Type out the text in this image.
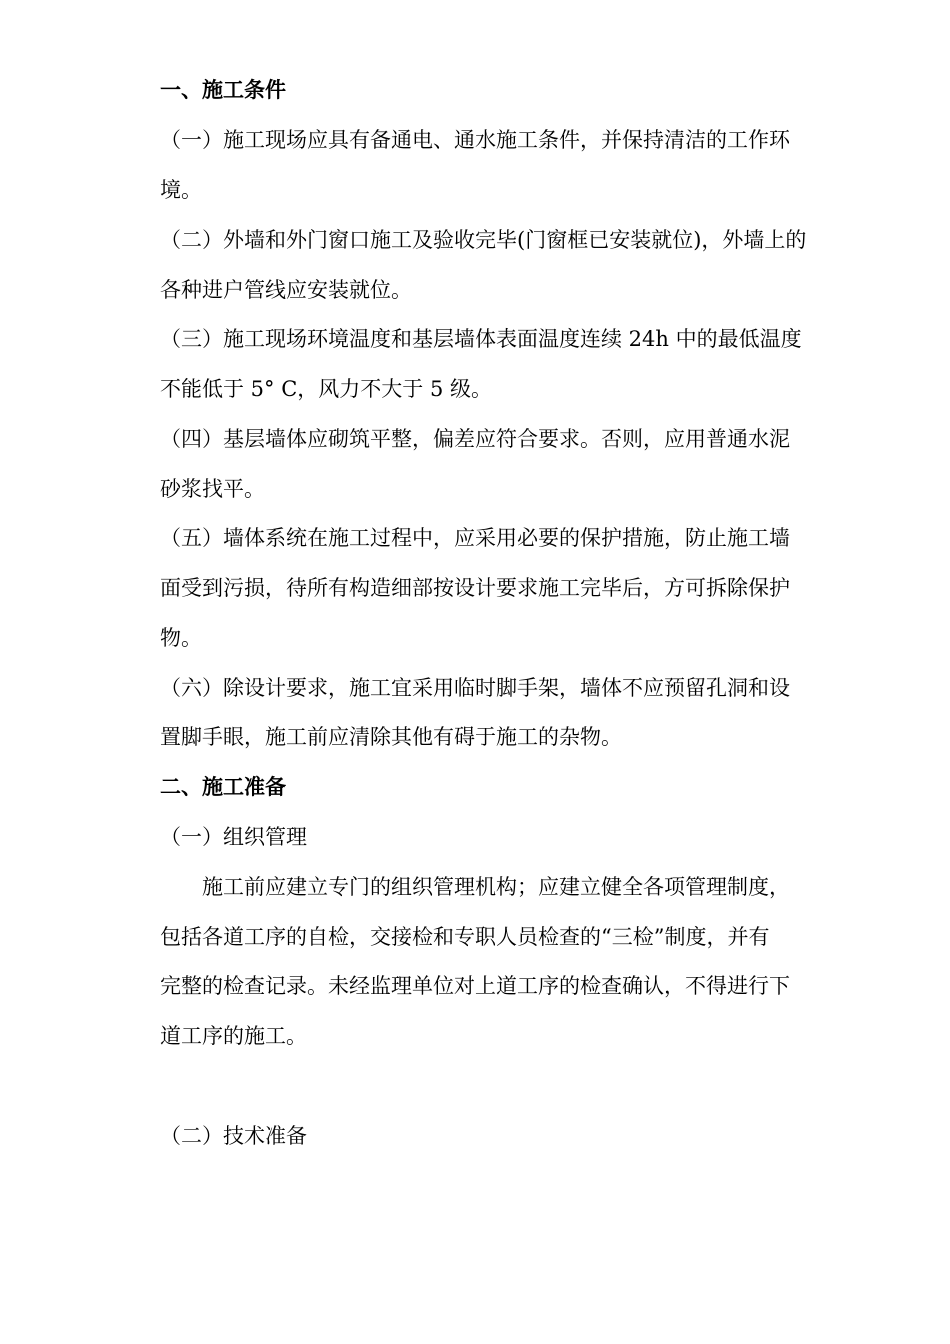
一、施工条件
（一）施工现场应具有备通电、通水施工条件，并保持清洁的工作环
境。
（二）外墙和外门窗口施工及验收完毕(门窗框已安装就位)，外墙上的
各种进户管线应安装就位。
（三）施工现场环境温度和基层墙体表面温度连续 24h 中的最低温度
不能低于 5° C，风力不大于 5 级。
（四）基层墙体应砌筑平整，偏差应符合要求。否则，应用普通水泥
砂浆找平。
（五）墙体系统在施工过程中，应采用必要的保护措施，防止施工墙
面受到污损，待所有构造细部按设计要求施工完毕后，方可拆除保护
物。
（六）除设计要求，施工宜采用临时脚手架，墙体不应预留孔洞和设
置脚手眼，施工前应清除其他有碍于施工的杂物。
二、施工准备
（一）组织管理
施工前应建立专门的组织管理机构；应建立健全各项管理制度，
包括各道工序的自检，交接检和专职人员检查的“三检”制度，并有
完整的检查记录。未经监理单位对上道工序的检查确认，不得进行下
道工序的施工。
（二）技术准备
